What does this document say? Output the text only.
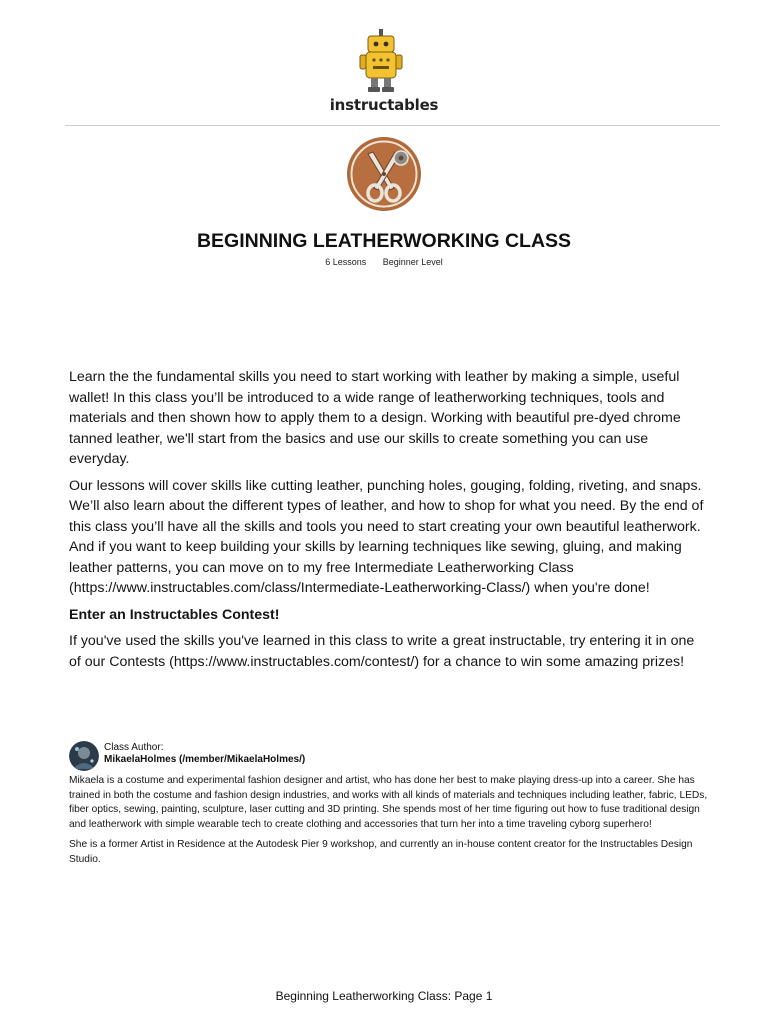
instructables
BEGINNING LEATHERWORKING CLASS
6 Lessons Beginner Level

Learn the the fundamental skills you need to start working with leather by making a simple, useful wallet! In this class you’ll be introduced to a wide range of leatherworking techniques, tools and materials and then shown how to apply them to a design. Working with beautiful pre-dyed chrome tanned leather, we'll start from the basics and use our skills to create something you can use everyday.

Our lessons will cover skills like cutting leather, punching holes, gouging, folding, riveting, and snaps. We’ll also learn about the different types of leather, and how to shop for what you need. By the end of this class you’ll have all the skills and tools you need to start creating your own beautiful leatherwork. And if you want to keep building your skills by learning techniques like sewing, gluing, and making leather patterns, you can move on to my free Intermediate Leatherworking Class (https://www.instructables.com/class/Intermediate-Leatherworking-Class/) when you're done!

Enter an Instructables Contest!

If you've used the skills you've learned in this class to write a great instructable, try entering it in one of our Contests (https://www.instructables.com/contest/) for a chance to win some amazing prizes!

Class Author:
MikaelaHolmes (/member/MikaelaHolmes/)

Mikaela is a costume and experimental fashion designer and artist, who has done her best to make playing dress-up into a career. She has trained in both the costume and fashion design industries, and works with all kinds of materials and techniques including leather, fabric, LEDs, fiber optics, sewing, painting, sculpture, laser cutting and 3D printing. She spends most of her time figuring out how to fuse traditional design and leatherwork with simple wearable tech to create clothing and accessories that turn her into a time traveling cyborg superhero!

She is a former Artist in Residence at the Autodesk Pier 9 workshop, and currently an in-house content creator for the Instructables Design Studio.

Beginning Leatherworking Class: Page 1
